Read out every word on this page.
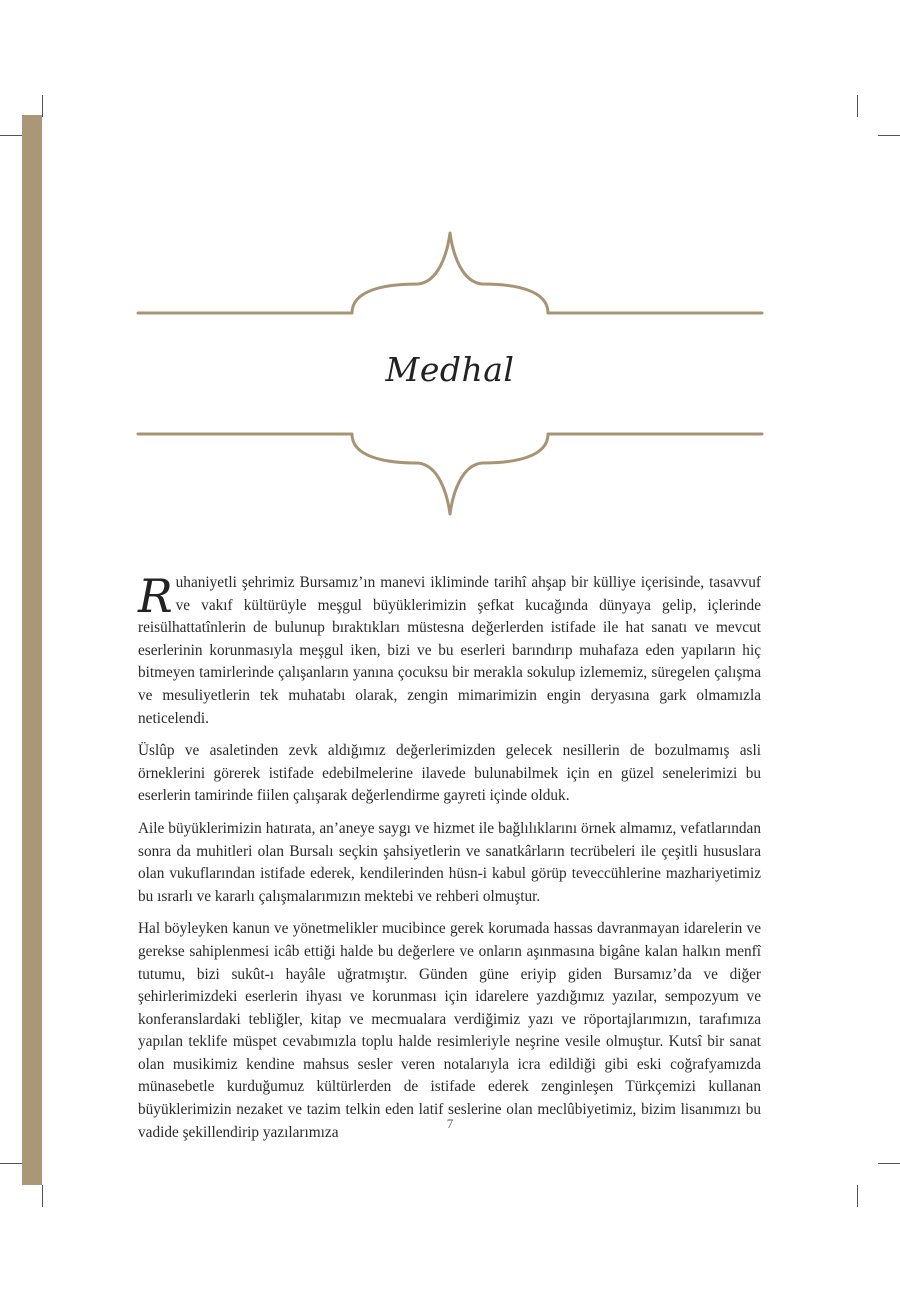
Medhal

Ruhaniyetli şehrimiz Bursamız’ın manevi ikliminde tarihî ahşap bir külliye içerisinde, tasavvuf ve vakıf kültürüyle meşgul büyüklerimizin şefkat kucağında dünyaya gelip, içlerinde reisülhattatînlerin de bulunup bıraktıkları müstesna değerlerden istifade ile hat sanatı ve mevcut eserlerinin korunmasıyla meşgul iken, bizi ve bu eserleri barındırıp muhafaza eden yapıların hiç bitmeyen tamirlerinde çalışanların yanına çocuksu bir merakla sokulup izlememiz, süregelen çalışma ve mesuliyetlerin tek muhatabı olarak, zengin mimarimizin engin deryasına gark olmamızla neticelendi.

Üslûp ve asaletinden zevk aldığımız değerlerimizden gelecek nesillerin de bozulmamış asli örneklerini görerek istifade edebilmelerine ilavede bulunabilmek için en güzel senelerimizi bu eserlerin tamirinde fiilen çalışarak değerlendirme gayreti içinde olduk.

Aile büyüklerimizin hatırata, an’aneye saygı ve hizmet ile bağlılıklarını örnek almamız, vefatlarından sonra da muhitleri olan Bursalı seçkin şahsiyetlerin ve sanatkârların tecrübeleri ile çeşitli hususlara olan vukuflarından istifade ederek, kendilerinden hüsn-i kabul görüp teveccühlerine mazhariyetimiz bu ısrarlı ve kararlı çalışmalarımızın mektebi ve rehberi olmuştur.

Hal böyleyken kanun ve yönetmelikler mucibince gerek korumada hassas davranmayan idarelerin ve gerekse sahiplenmesi icâb ettiği halde bu değerlere ve onların aşınmasına bigâne kalan halkın menfî tutumu, bizi sukût-ı hayâle uğratmıştır. Günden güne eriyip giden Bursamız’da ve diğer şehirlerimizdeki eserlerin ihyası ve korunması için idarelere yazdığımız yazılar, sempozyum ve konferanslardaki tebliğler, kitap ve mecmualara verdiğimiz yazı ve röportajlarımızın, tarafımıza yapılan teklife müspet cevabımızla toplu halde resimleriyle neşrine vesile olmuştur. Kutsî bir sanat olan musikimiz kendine mahsus sesler veren notalarıyla icra edildiği gibi eski coğrafyamızda münasebetle kurduğumuz kültürlerden de istifade ederek zenginleşen Türkçemizi kullanan büyüklerimizin nezaket ve tazim telkin eden latif seslerine olan meclûbiyetimiz, bizim lisanımızı bu vadide şekillendirip yazılarımıza

7
